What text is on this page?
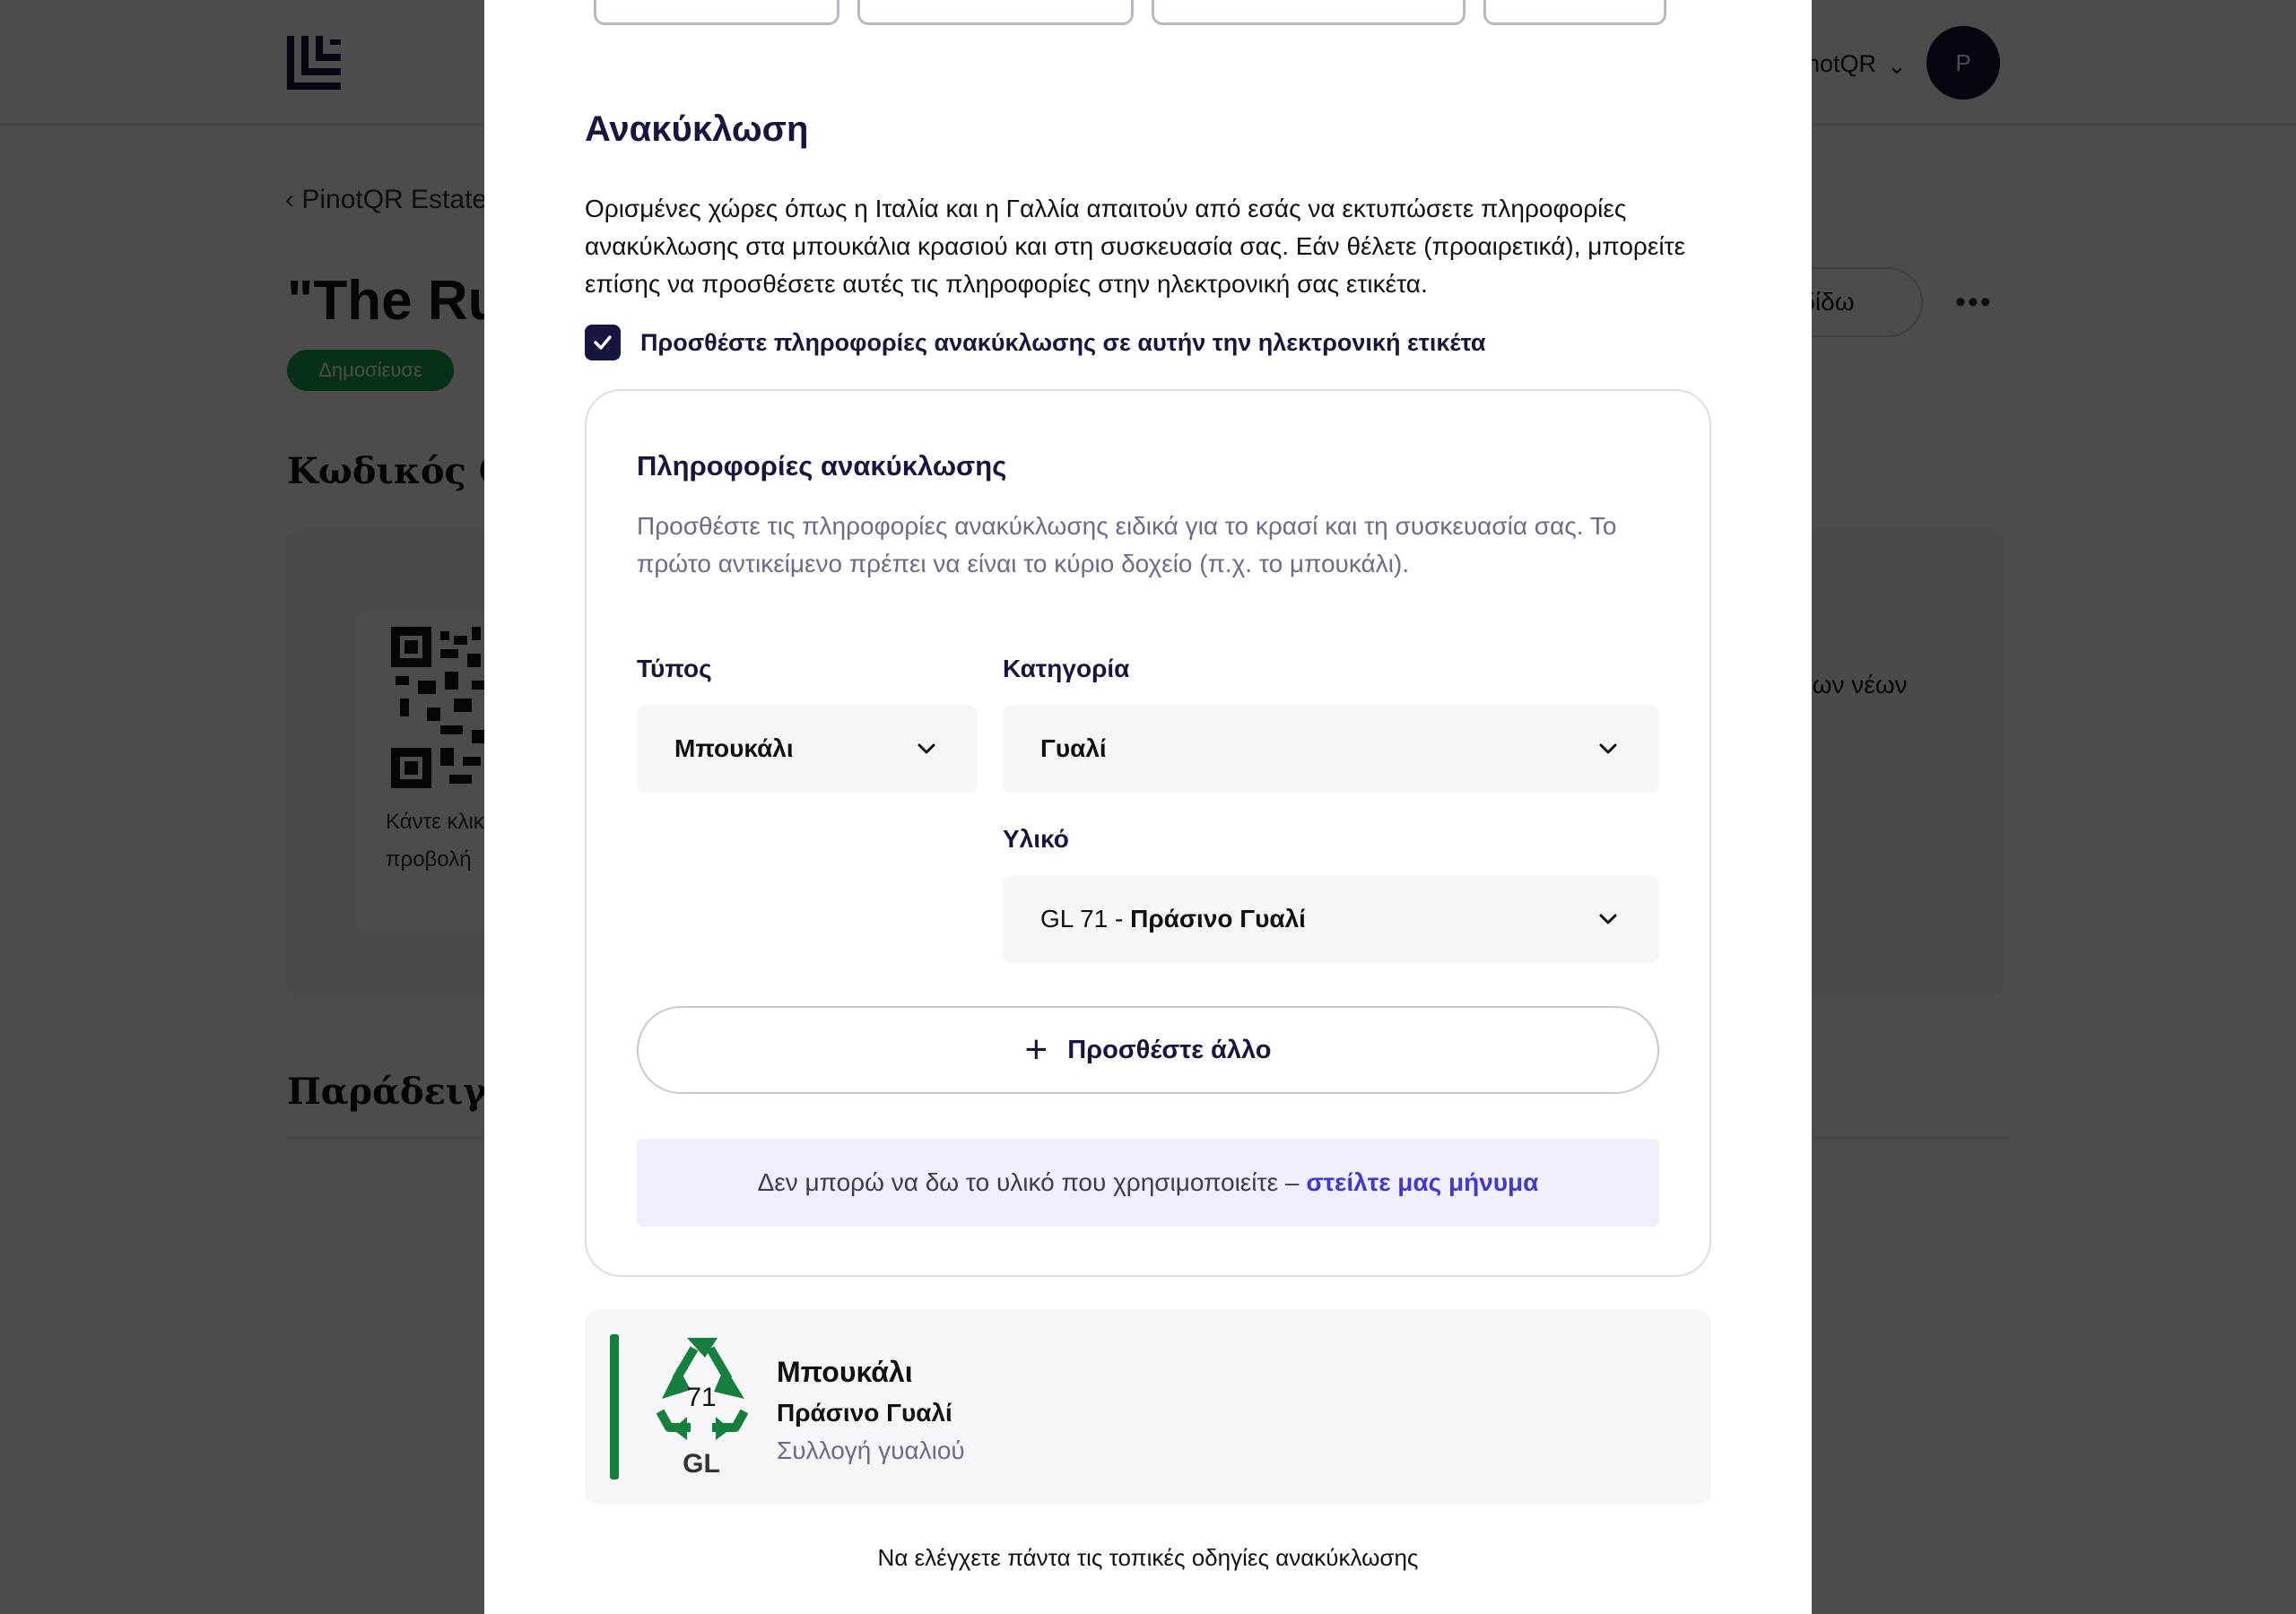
Ανακύκλωση

Ορισμένες χώρες όπως η Ιταλία και η Γαλλία απαιτούν από εσάς να εκτυπώσετε πληροφορίες ανακύκλωσης στα μπουκάλια κρασιού και στη συσκευασία σας. Εάν θέλετε (προαιρετικά), μπορείτε επίσης να προσθέσετε αυτές τις πληροφορίες στην ηλεκτρονική σας ετικέτα.

Προσθέστε πληροφορίες ανακύκλωσης σε αυτήν την ηλεκτρονική ετικέτα
Πληροφορίες ανακύκλωσης

Προσθέστε τις πληροφορίες ανακύκλωσης ειδικά για το κρασί και τη συσκευασία σας. Το πρώτο αντικείμενο πρέπει να είναι το κύριο δοχείο (π.χ. το μπουκάλι).

Τύπος
Μπουκάλι
Κατηγορία
Γυαλί
Υλικό
GL 71 - Πράσινο Γυαλί
+ Προσθέστε άλλο
Δεν μπορώ να δω το υλικό που χρησιμοποιείτε – στείλτε μας μήνυμα
71
GL
Μπουκάλι
Πράσινο Γυαλί
Συλλογή γυαλιού

Να ελέγχετε πάντα τις τοπικές οδηγίες ανακύκλωσης
